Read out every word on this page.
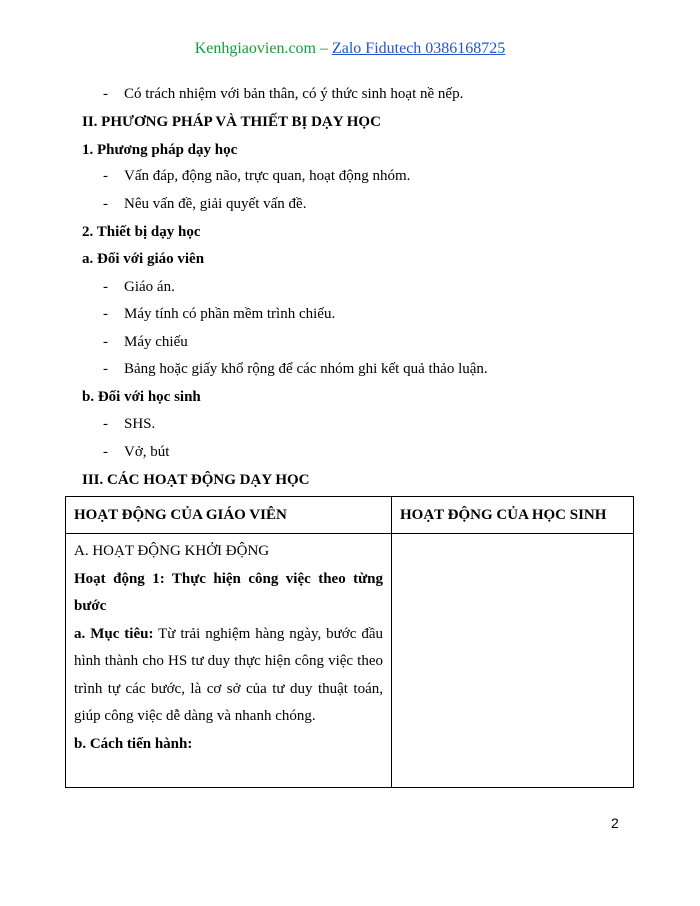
Kenhgiaovien.com – Zalo Fidutech 0386168725
- Có trách nhiệm với bản thân, có ý thức sinh hoạt nề nếp.
II. PHƯƠNG PHÁP VÀ THIẾT BỊ DẠY HỌC
1. Phương pháp dạy học
- Vấn đáp, động não, trực quan, hoạt động nhóm.
- Nêu vấn đề, giải quyết vấn đề.
2. Thiết bị dạy học
a. Đối với giáo viên
- Giáo án.
- Máy tính có phần mềm trình chiếu.
- Máy chiếu
- Bảng hoặc giấy khổ rộng để các nhóm ghi kết quả thảo luận.
b. Đối với học sinh
- SHS.
- Vở, bút
III. CÁC HOẠT ĐỘNG DẠY HỌC
HOẠT ĐỘNG CỦA GIÁO VIÊN	HOẠT ĐỘNG CỦA HỌC SINH

A. HOẠT ĐỘNG KHỞI ĐỘNG

Hoạt động 1: Thực hiện công việc theo từng

bước

a. Mục tiêu: Từ trải nghiệm hàng ngày, bước đầu hình thành cho HS tư duy thực hiện công việc theo trình tự các bước, là cơ sở của tư duy thuật toán, giúp công việc dễ dàng và nhanh chóng.

b. Cách tiến hành:	

2
